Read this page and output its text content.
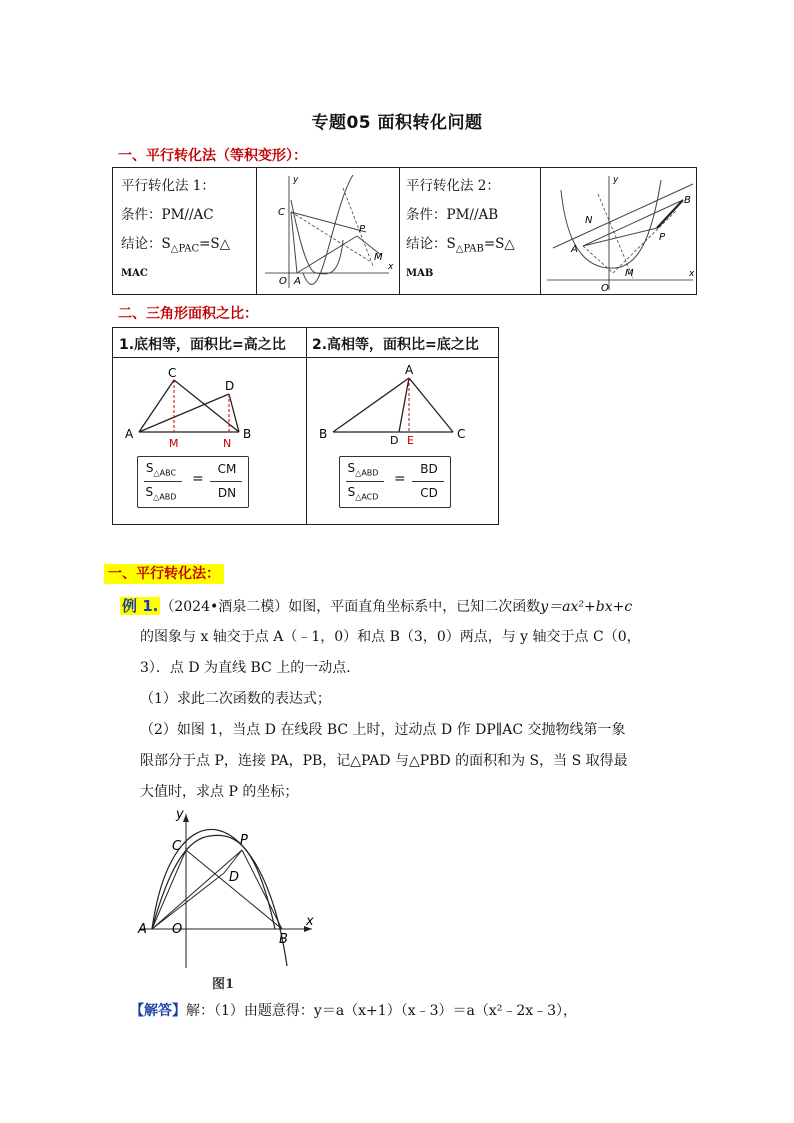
专题05 面积转化问题
一、平行转化法（等积变形）：
平行转化法 1：
条件：PM//AC
结论：$S_{\triangle PAC}=S\triangle$
MAC
y
x
C
P
M
O A
平行转化法 2：
条件：PM//AB
结论：$S_{\triangle PAB}=S\triangle$
MAB
y
x
B
N
A
P
M
O
二、三角形面积之比：
1.底相等，面积比=高之比 2.高相等，面积比=底之比
C
D
A	B
M	N
$S_{\triangle ABC}$
$S_{\triangle ABD}$
=
CM
DN
A
B	C
D E
$S_{\triangle ABD}$
$S_{\triangle ACD}$
=
BD
CD
一、平行转化法：
例 1. （2024•酒泉二模）如图，平面直角坐标系中，已知二次函数y＝ax²+bx+c
的图象与 x 轴交于点 A（﹣1，0）和点 B（3，0）两点，与 y 轴交于点 C（0，
3）．点 D 为直线 BC 上的一动点．
（1）求此二次函数的表达式；
（2）如图 1，当点 D 在线段 BC 上时，过动点 D 作 DP∥AC 交抛物线第一象
限部分于点 P，连接 PA，PB，记△PAD 与△PBD 的面积和为 S，当 S 取得最
大值时，求点 P 的坐标；
y
x
C	P
D
A O
B
图1
【解答】解：（1）由题意得：y＝a（x+1）（x﹣3）＝a（x²﹣2x﹣3），
